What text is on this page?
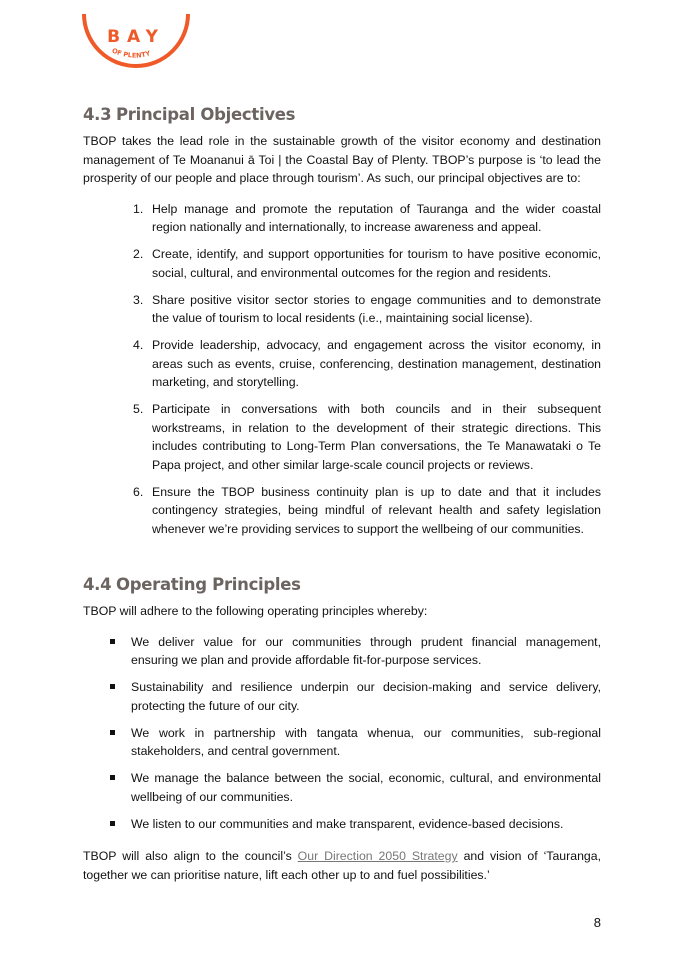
BAY
OF PLENTY
4.3 Principal Objectives

TBOP takes the lead role in the sustainable growth of the visitor economy and destination management of Te Moananui ā Toi | the Coastal Bay of Plenty. TBOP’s purpose is ‘to lead the prosperity of our people and place through tourism’. As such, our principal objectives are to:

1. Help manage and promote the reputation of Tauranga and the wider coastal region nationally and internationally, to increase awareness and appeal.
2. Create, identify, and support opportunities for tourism to have positive economic, social, cultural, and environmental outcomes for the region and residents.
3. Share positive visitor sector stories to engage communities and to demonstrate the value of tourism to local residents (i.e., maintaining social license).
4. Provide leadership, advocacy, and engagement across the visitor economy, in areas such as events, cruise, conferencing, destination management, destination marketing, and storytelling.
5. Participate in conversations with both councils and in their subsequent workstreams, in relation to the development of their strategic directions. This includes contributing to Long-Term Plan conversations, the Te Manawataki o Te Papa project, and other similar large-scale council projects or reviews.
6. Ensure the TBOP business continuity plan is up to date and that it includes contingency strategies, being mindful of relevant health and safety legislation whenever we’re providing services to support the wellbeing of our communities.
4.4 Operating Principles

TBOP will adhere to the following operating principles whereby:

We deliver value for our communities through prudent financial management, ensuring we plan and provide affordable fit-for-purpose services.
Sustainability and resilience underpin our decision-making and service delivery, protecting the future of our city.
We work in partnership with tangata whenua, our communities, sub-regional stakeholders, and central government.
We manage the balance between the social, economic, cultural, and environmental wellbeing of our communities.
We listen to our communities and make transparent, evidence-based decisions.

TBOP will also align to the council’s Our Direction 2050 Strategy and vision of ‘Tauranga, together we can prioritise nature, lift each other up to and fuel possibilities.’

8
